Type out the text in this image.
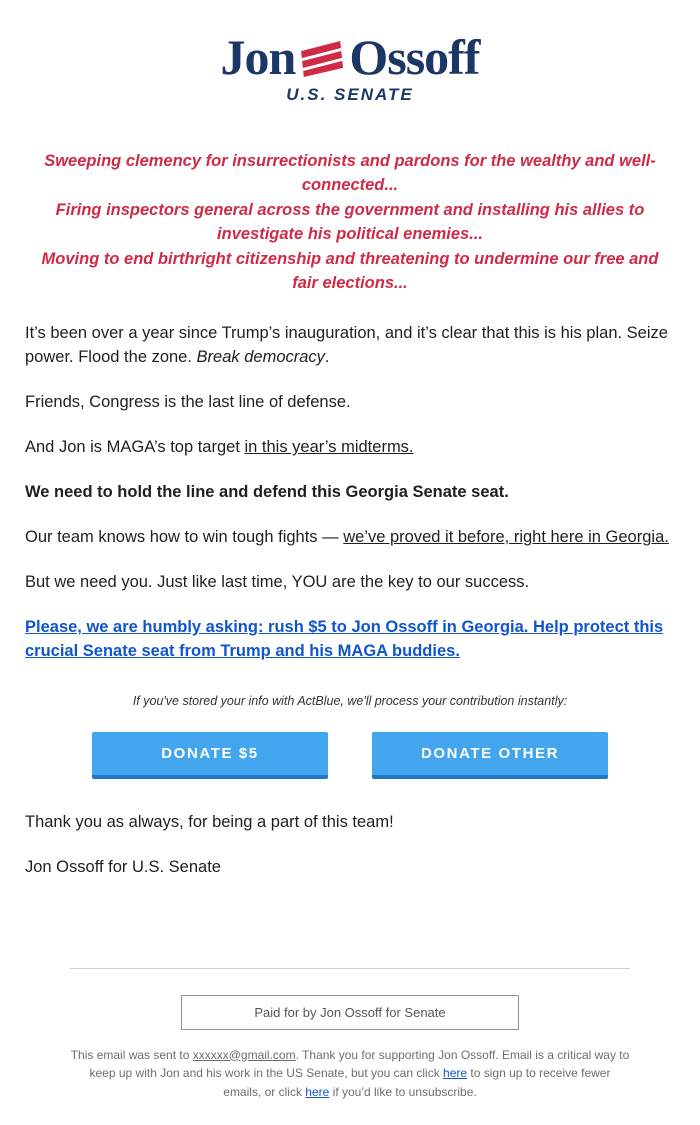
Jon Ossoff
U.S. SENATE
Sweeping clemency for insurrectionists and pardons for the wealthy and well-connected...
Firing inspectors general across the government and installing his allies to investigate his political enemies...
Moving to end birthright citizenship and threatening to undermine our free and fair elections...

It’s been over a year since Trump’s inauguration, and it’s clear that this is his plan. Seize power. Flood the zone. Break democracy.

Friends, Congress is the last line of defense.

And Jon is MAGA’s top target in this year’s midterms.

We need to hold the line and defend this Georgia Senate seat.

Our team knows how to win tough fights — we’ve proved it before, right here in Georgia.

But we need you. Just like last time, YOU are the key to our success.

Please, we are humbly asking: rush $5 to Jon Ossoff in Georgia. Help protect this crucial Senate seat from Trump and his MAGA buddies.

If you've stored your info with ActBlue, we'll process your contribution instantly:
DONATE $5	DONATE OTHER

Thank you as always, for being a part of this team!

Jon Ossoff for U.S. Senate

Paid for by Jon Ossoff for Senate

This email was sent to xxxxxx@gmail.com. Thank you for supporting Jon Ossoff. Email is a critical way to keep up with Jon and his work in the US Senate, but you can click here to sign up to receive fewer emails, or click here if you’d like to unsubscribe.
